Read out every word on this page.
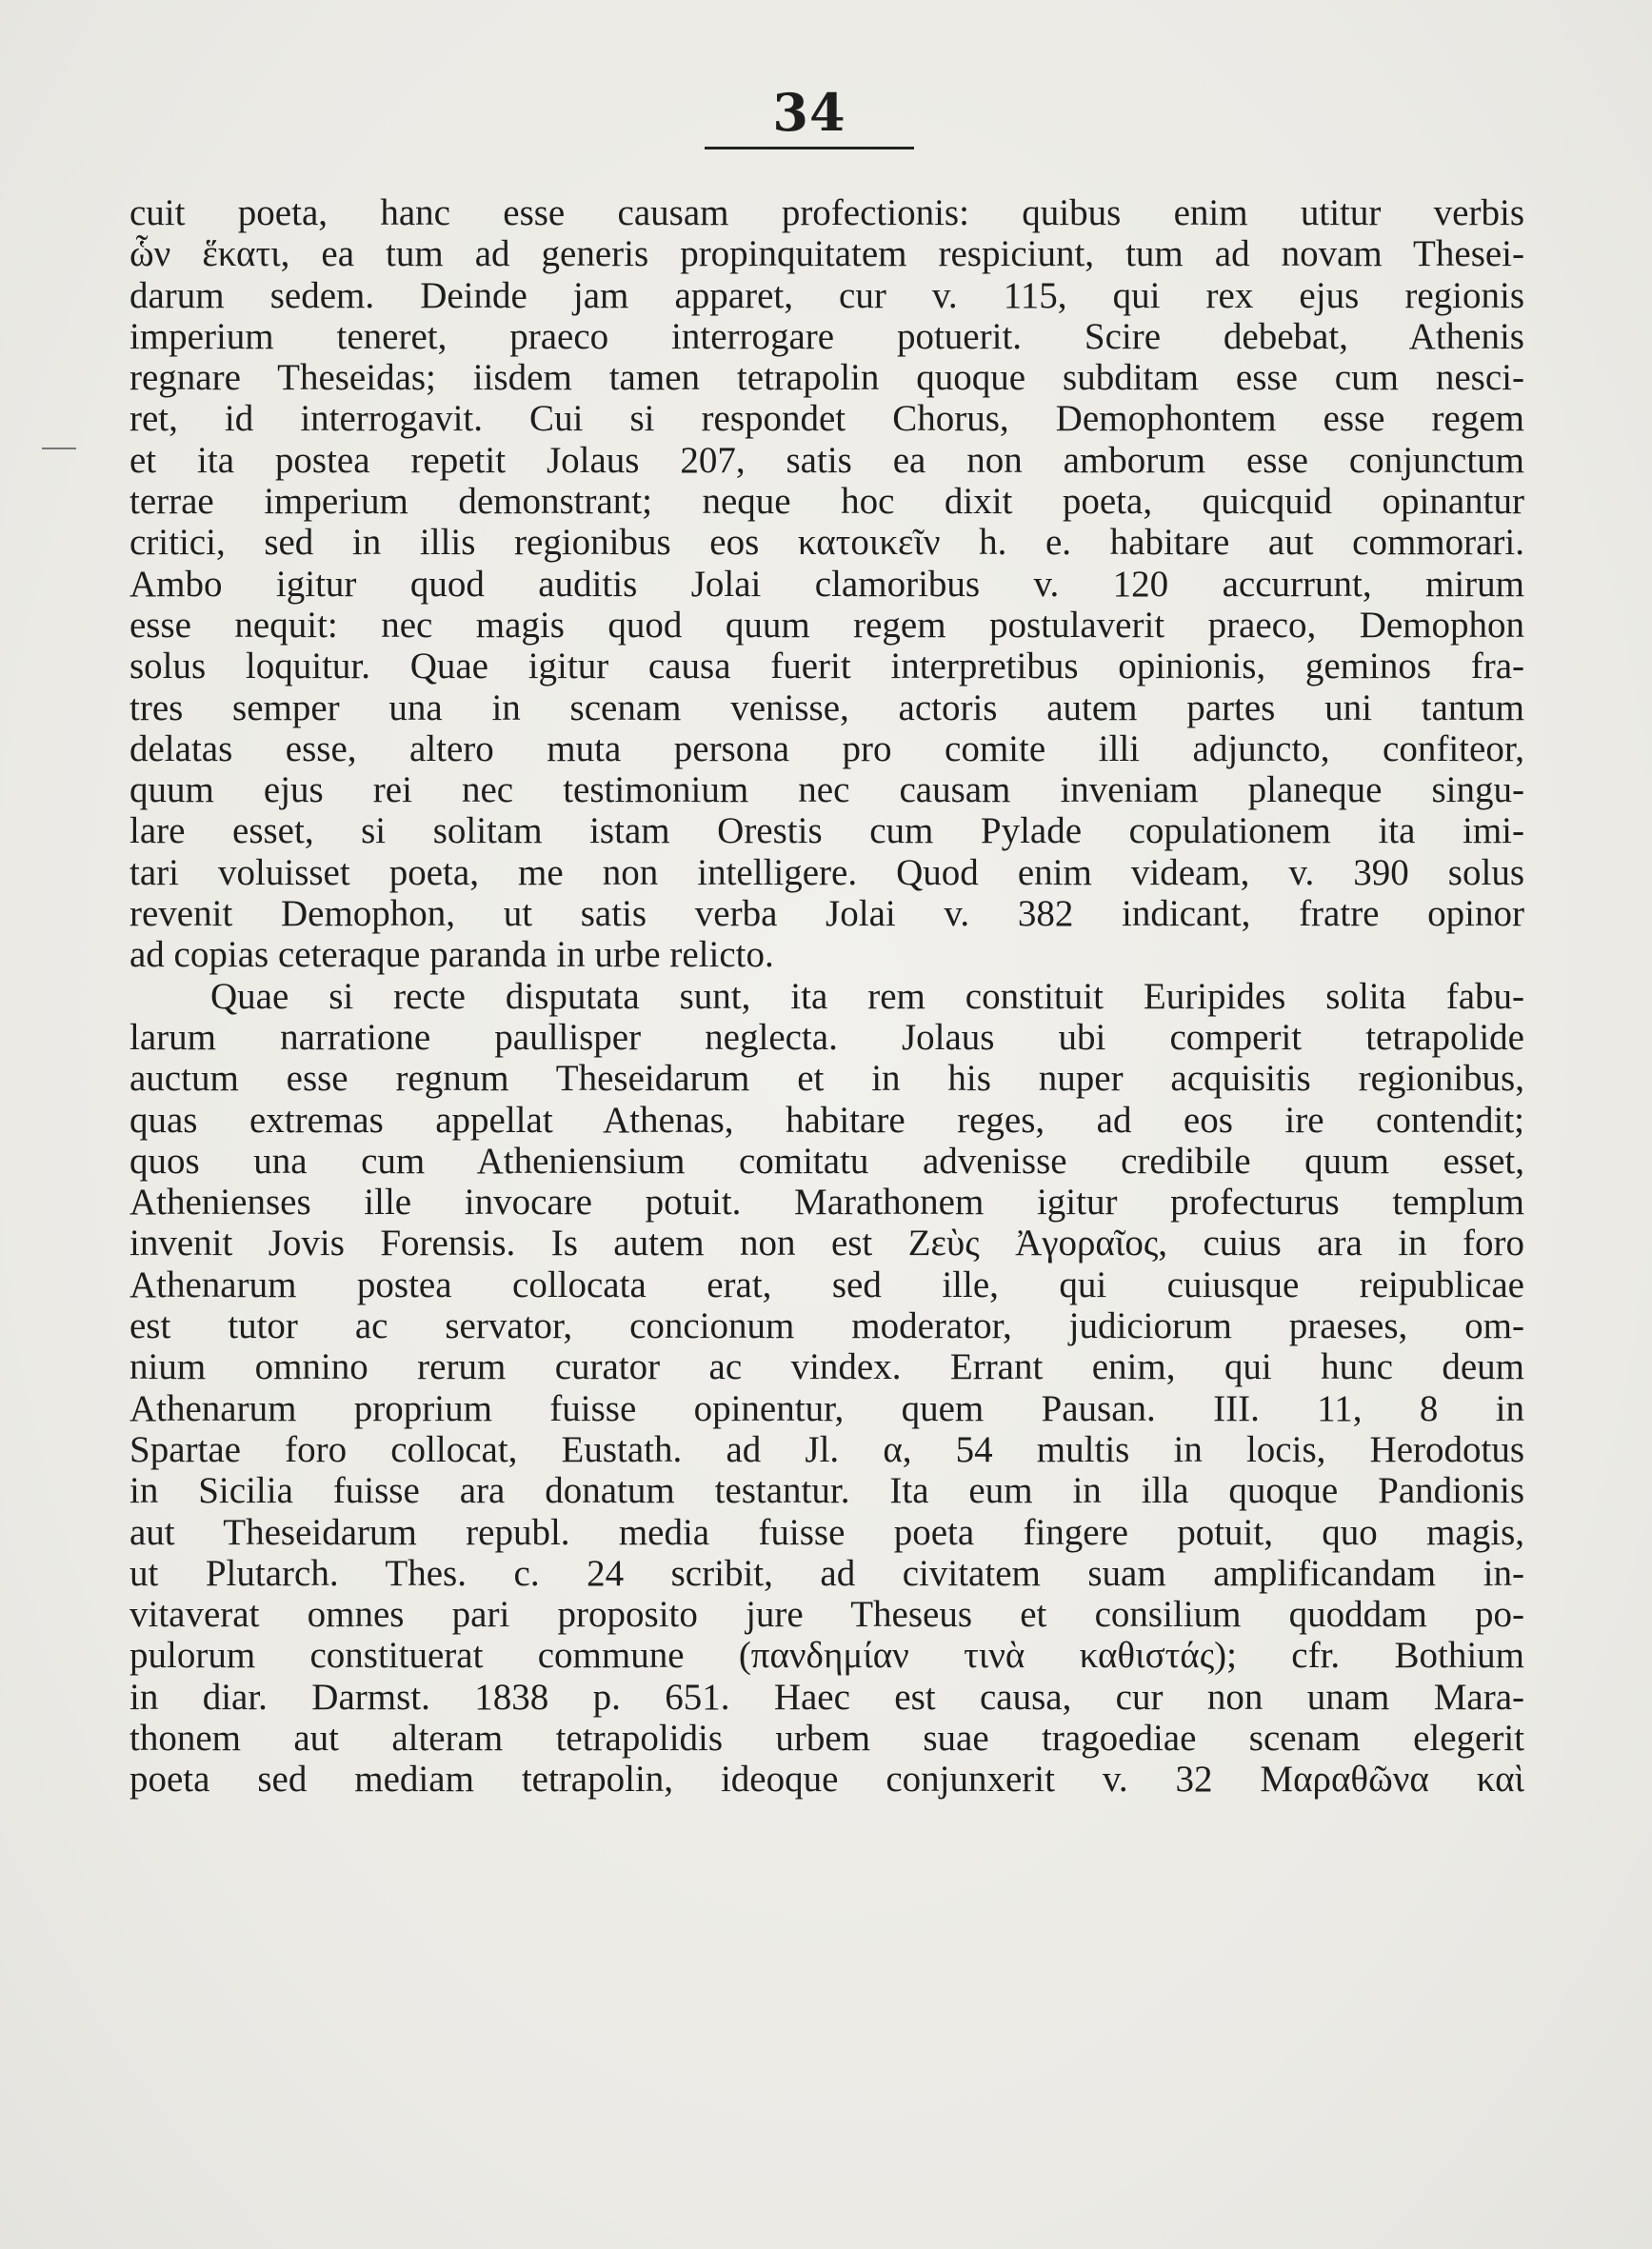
34
cuit poeta, hanc esse causam profectionis: quibus enim utitur verbis
ὧν ἕκατι, ea tum ad generis propinquitatem respiciunt, tum ad novam Thesei-
darum sedem. Deinde jam apparet, cur v. 115, qui rex ejus regionis
imperium teneret, praeco interrogare potuerit. Scire debebat, Athenis
regnare Theseidas; iisdem tamen tetrapolin quoque subditam esse cum nesci-
ret, id interrogavit. Cui si respondet Chorus, Demophontem esse regem
et ita postea repetit Jolaus 207, satis ea non amborum esse conjunctum
terrae imperium demonstrant; neque hoc dixit poeta, quicquid opinantur
critici, sed in illis regionibus eos κατοικεῖν h. e. habitare aut commorari.
Ambo igitur quod auditis Jolai clamoribus v. 120 accurrunt, mirum
esse nequit: nec magis quod quum regem postulaverit praeco, Demophon
solus loquitur. Quae igitur causa fuerit interpretibus opinionis, geminos fra-
tres semper una in scenam venisse, actoris autem partes uni tantum
delatas esse, altero muta persona pro comite illi adjuncto, confiteor,
quum ejus rei nec testimonium nec causam inveniam planeque singu-
lare esset, si solitam istam Orestis cum Pylade copulationem ita imi-
tari voluisset poeta, me non intelligere. Quod enim videam, v. 390 solus
revenit Demophon, ut satis verba Jolai v. 382 indicant, fratre opinor
ad copias ceteraque paranda in urbe relicto.
Quae si recte disputata sunt, ita rem constituit Euripides solita fabu-
larum narratione paullisper neglecta. Jolaus ubi comperit tetrapolide
auctum esse regnum Theseidarum et in his nuper acquisitis regionibus,
quas extremas appellat Athenas, habitare reges, ad eos ire contendit;
quos una cum Atheniensium comitatu advenisse credibile quum esset,
Athenienses ille invocare potuit. Marathonem igitur profecturus templum
invenit Jovis Forensis. Is autem non est Ζεὺς Ἀγοραῖος, cuius ara in foro
Athenarum postea collocata erat, sed ille, qui cuiusque reipublicae
est tutor ac servator, concionum moderator, judiciorum praeses, om-
nium omnino rerum curator ac vindex. Errant enim, qui hunc deum
Athenarum proprium fuisse opinentur, quem Pausan. III. 11, 8 in
Spartae foro collocat, Eustath. ad Jl. α, 54 multis in locis, Herodotus
in Sicilia fuisse ara donatum testantur. Ita eum in illa quoque Pandionis
aut Theseidarum republ. media fuisse poeta fingere potuit, quo magis,
ut Plutarch. Thes. c. 24 scribit, ad civitatem suam amplificandam in-
vitaverat omnes pari proposito jure Theseus et consilium quoddam po-
pulorum constituerat commune (πανδημίαν τινὰ καθιστάς); cfr. Bothium
in diar. Darmst. 1838 p. 651. Haec est causa, cur non unam Mara-
thonem aut alteram tetrapolidis urbem suae tragoediae scenam elegerit
poeta sed mediam tetrapolin, ideoque conjunxerit v. 32 Μαραθῶνα καὶ
